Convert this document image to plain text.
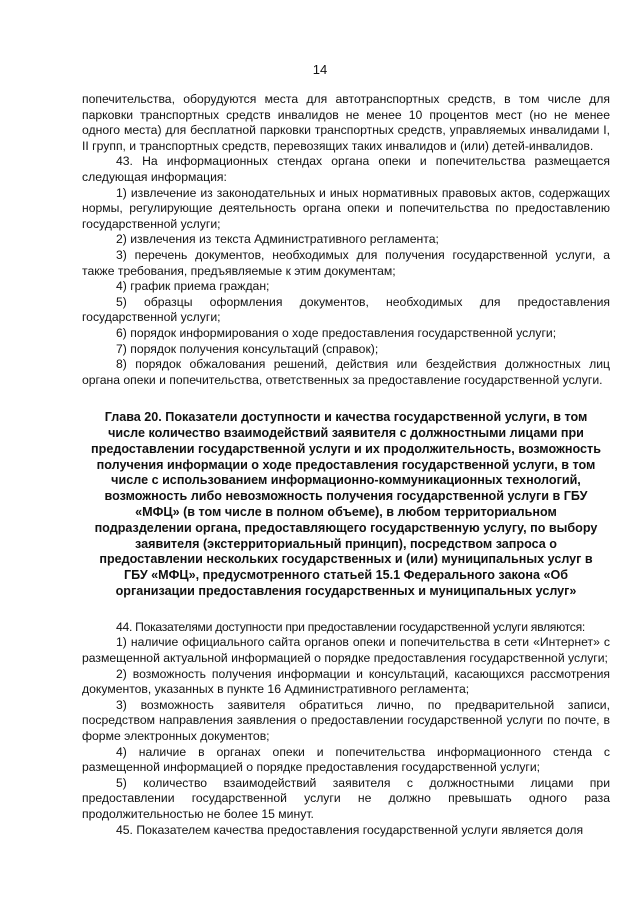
14

попечительства, оборудуются места для автотранспортных средств, в том числе для парковки транспортных средств инвалидов не менее 10 процентов мест (но не менее одного места) для бесплатной парковки транспортных средств, управляемых инвалидами I, II групп, и транспортных средств, перевозящих таких инвалидов и (или) детей-инвалидов.

43. На информационных стендах органа опеки и попечительства размещается следующая информация:

1) извлечение из законодательных и иных нормативных правовых актов, содержащих нормы, регулирующие деятельность органа опеки и попечительства по предоставлению государственной услуги;

2) извлечения из текста Административного регламента;

3) перечень документов, необходимых для получения государственной услуги, а также требования, предъявляемые к этим документам;

4) график приема граждан;

5) образцы оформления документов, необходимых для предоставления государственной услуги;

6) порядок информирования о ходе предоставления государственной услуги;

7) порядок получения консультаций (справок);

8) порядок обжалования решений, действия или бездействия должностных лиц органа опеки и попечительства, ответственных за предоставление государственной услуги.

Глава 20. Показатели доступности и качества государственной услуги, в том числе количество взаимодействий заявителя с должностными лицами при предоставлении государственной услуги и их продолжительность, возможность получения информации о ходе предоставления государственной услуги, в том числе с использованием информационно-коммуникационных технологий, возможность либо невозможность получения государственной услуги в ГБУ «МФЦ» (в том числе в полном объеме), в любом территориальном подразделении органа, предоставляющего государственную услугу, по выбору заявителя (экстерриториальный принцип), посредством запроса о предоставлении нескольких государственных и (или) муниципальных услуг в ГБУ «МФЦ», предусмотренного статьей 15.1 Федерального закона «Об организации предоставления государственных и муниципальных услуг»

44. Показателями доступности при предоставлении государственной услуги являются:

1) наличие официального сайта органов опеки и попечительства в сети «Интернет» с размещенной актуальной информацией о порядке предоставления государственной услуги;

2) возможность получения информации и консультаций, касающихся рассмотрения документов, указанных в пункте 16 Административного регламента;

3) возможность заявителя обратиться лично, по предварительной записи, посредством направления заявления о предоставлении государственной услуги по почте, в форме электронных документов;

4) наличие в органах опеки и попечительства информационного стенда с размещенной информацией о порядке предоставления государственной услуги;

5) количество взаимодействий заявителя с должностными лицами при предоставлении государственной услуги не должно превышать одного раза продолжительностью не более 15 минут.

45. Показателем качества предоставления государственной услуги является доля
